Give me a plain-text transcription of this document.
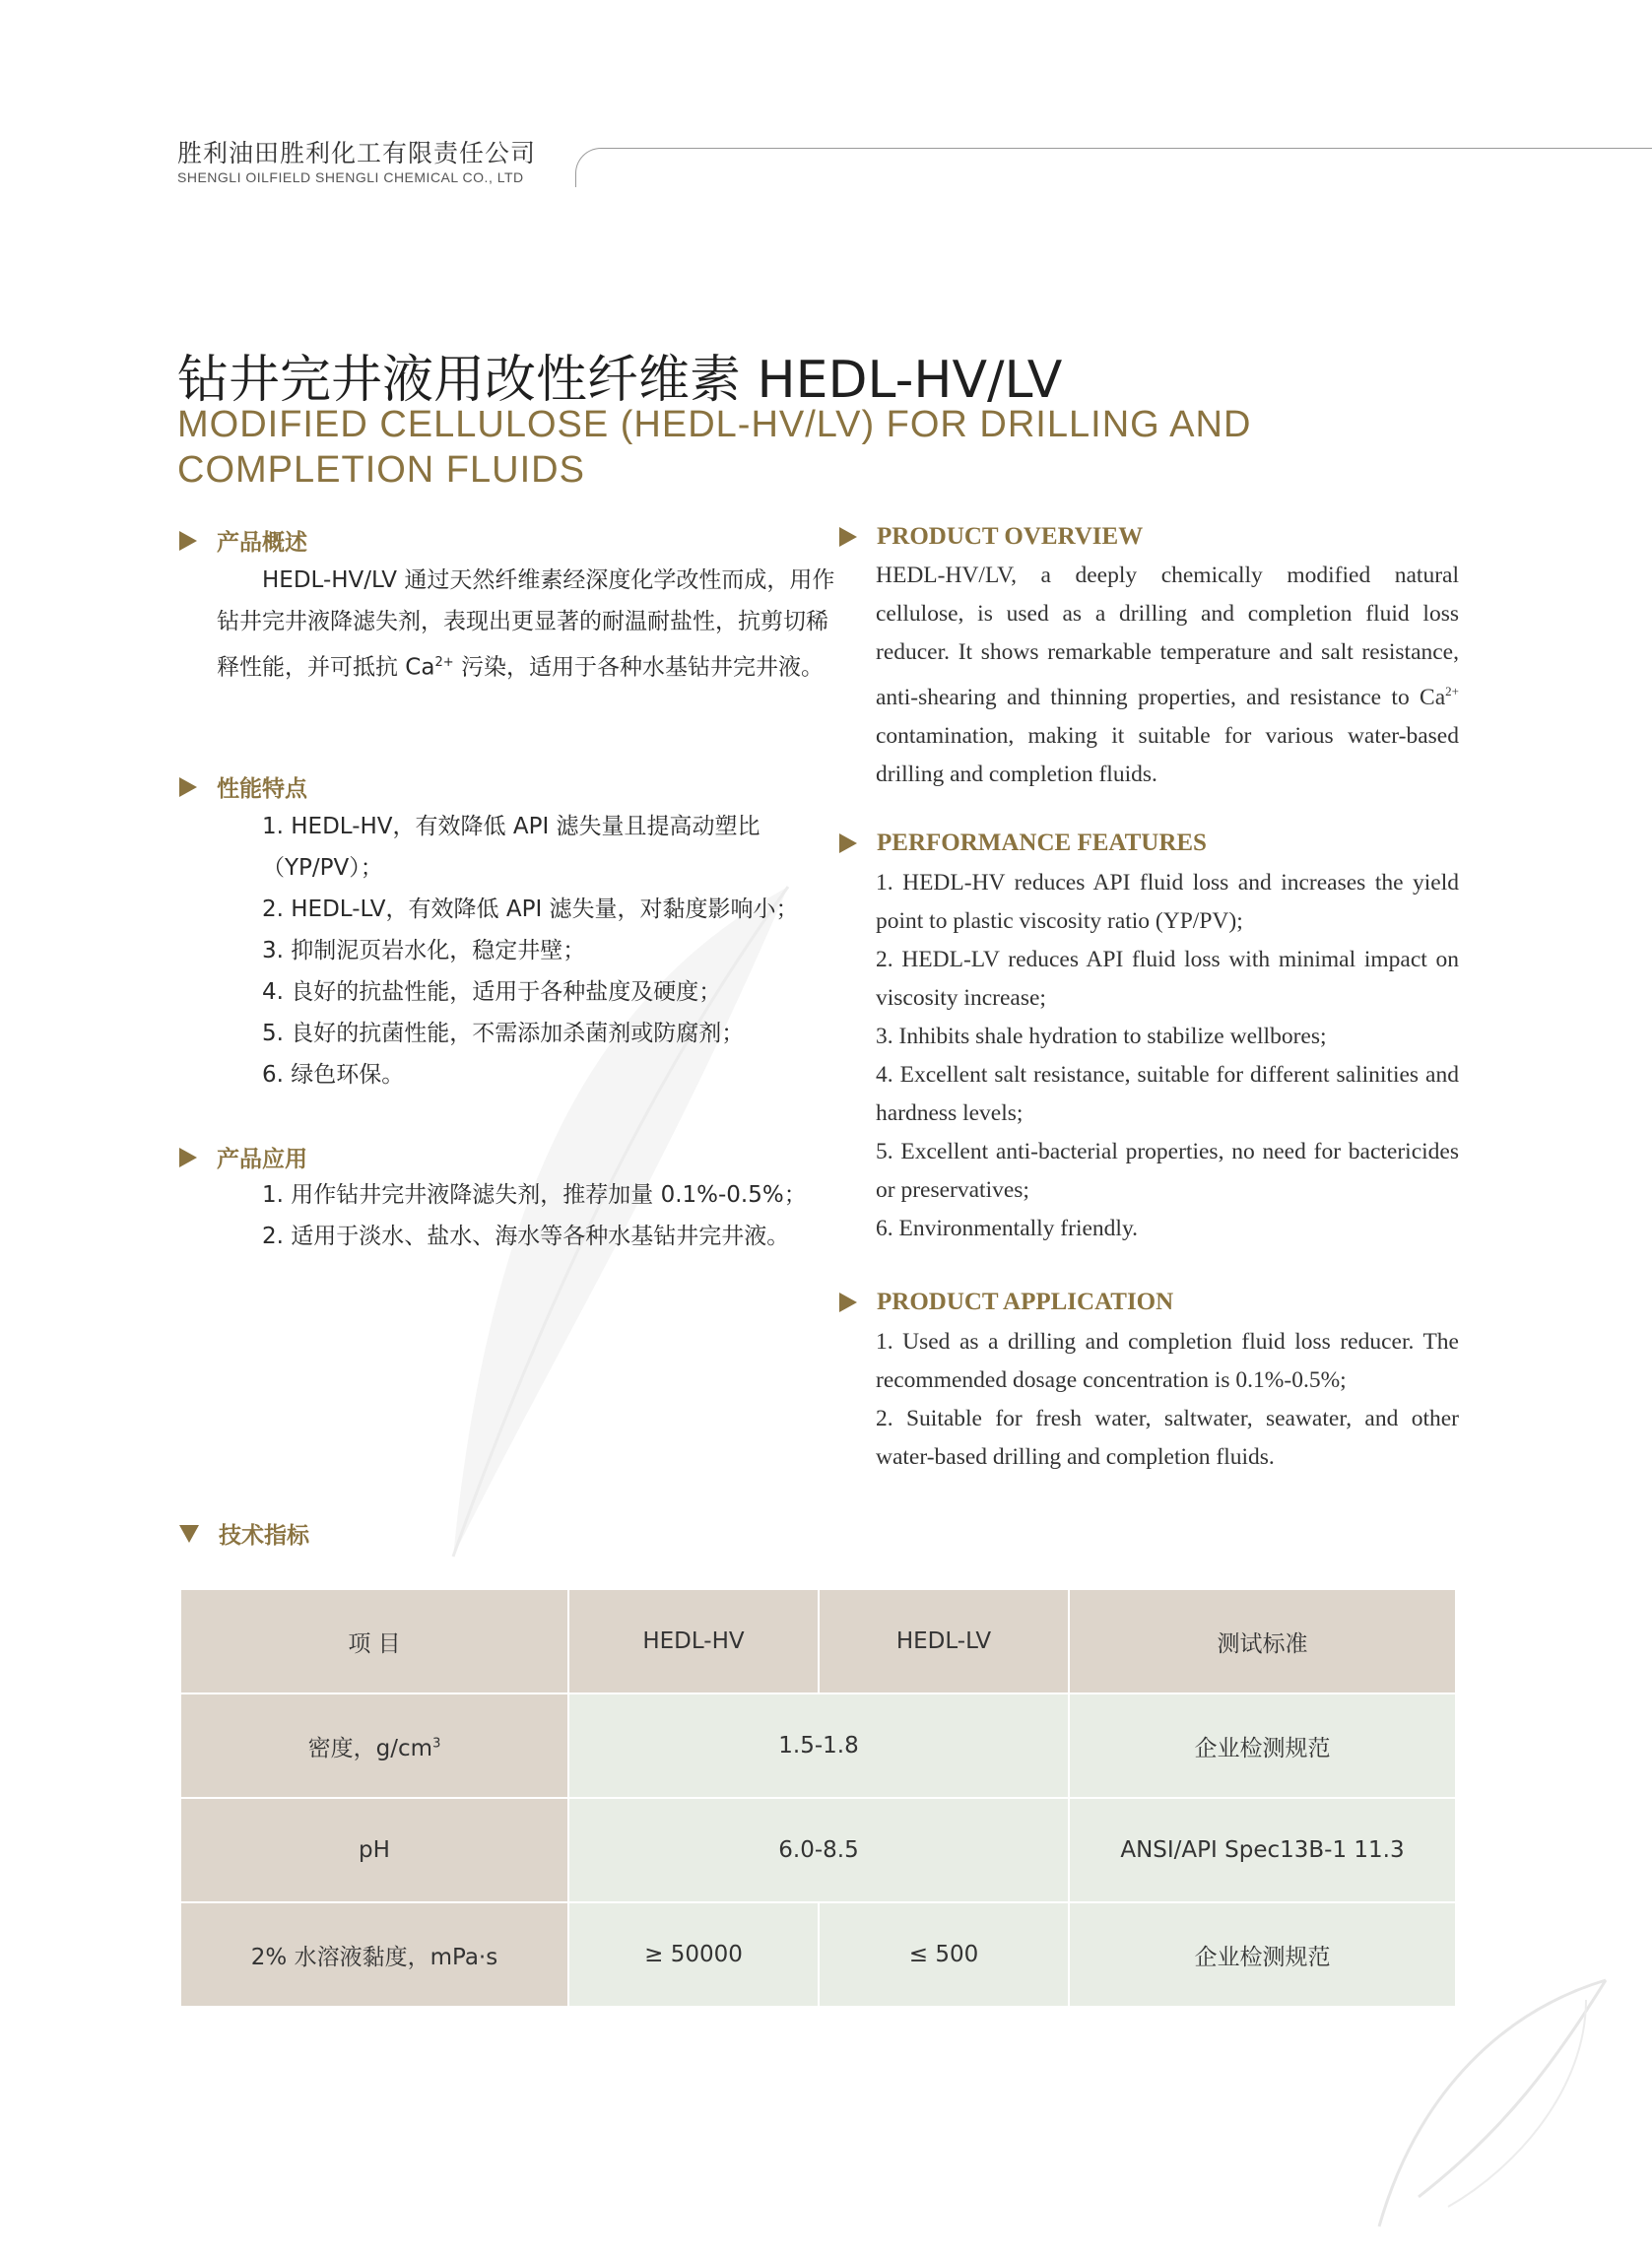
胜利油田胜利化工有限责任公司
SHENGLI OILFIELD SHENGLI CHEMICAL CO., LTD
钻井完井液用改性纤维素 HEDL-HV/LV
MODIFIED CELLULOSE (HEDL-HV/LV) FOR DRILLING AND COMPLETION FLUIDS
产品概述

HEDL-HV/LV 通过天然纤维素经深度化学改性而成，用作钻井完井液降滤失剂，表现出更显著的耐温耐盐性，抗剪切稀释性能，并可抵抗 $Ca^{2+}$ 污染，适用于各种水基钻井完井液。

性能特点

1. HEDL-HV，有效降低 API 滤失量且提高动塑比（YP/PV）；

2. HEDL-LV，有效降低 API 滤失量，对黏度影响小；

3. 抑制泥页岩水化，稳定井壁；

4. 良好的抗盐性能，适用于各种盐度及硬度；

5. 良好的抗菌性能，不需添加杀菌剂或防腐剂；

6. 绿色环保。

产品应用

1. 用作钻井完井液降滤失剂，推荐加量 0.1%-0.5%；

2. 适用于淡水、盐水、海水等各种水基钻井完井液。

PRODUCT OVERVIEW

HEDL-HV/LV, a deeply chemically modified natural cellulose, is used as a drilling and completion fluid loss reducer. It shows remarkable temperature and salt resistance, anti-shearing and thinning properties, and resistance to $Ca^{2+}$ contamination, making it suitable for various water-based drilling and completion fluids.

PERFORMANCE FEATURES

1. HEDL-HV reduces API fluid loss and increases the yield point to plastic viscosity ratio (YP/PV);

2. HEDL-LV reduces API fluid loss with minimal impact on viscosity increase;

3. Inhibits shale hydration to stabilize wellbores;

4. Excellent salt resistance, suitable for different salinities and hardness levels;

5. Excellent anti-bacterial properties, no need for bactericides or preservatives;

6. Environmentally friendly.

PRODUCT APPLICATION

1. Used as a drilling and completion fluid loss reducer. The recommended dosage concentration is 0.1%-0.5%;

2. Suitable for fresh water, saltwater, seawater, and other water-based drilling and completion fluids.

技术指标
项 目	HEDL-HV	HEDL-LV	测试标准
密度，$g/cm^3$	1.5-1.8		企业检测规范
pH	6.0-8.5		ANSI/API Spec13B-1 11.3
2% 水溶液黏度，mPa·s	≥ 50000	≤ 500	企业检测规范
